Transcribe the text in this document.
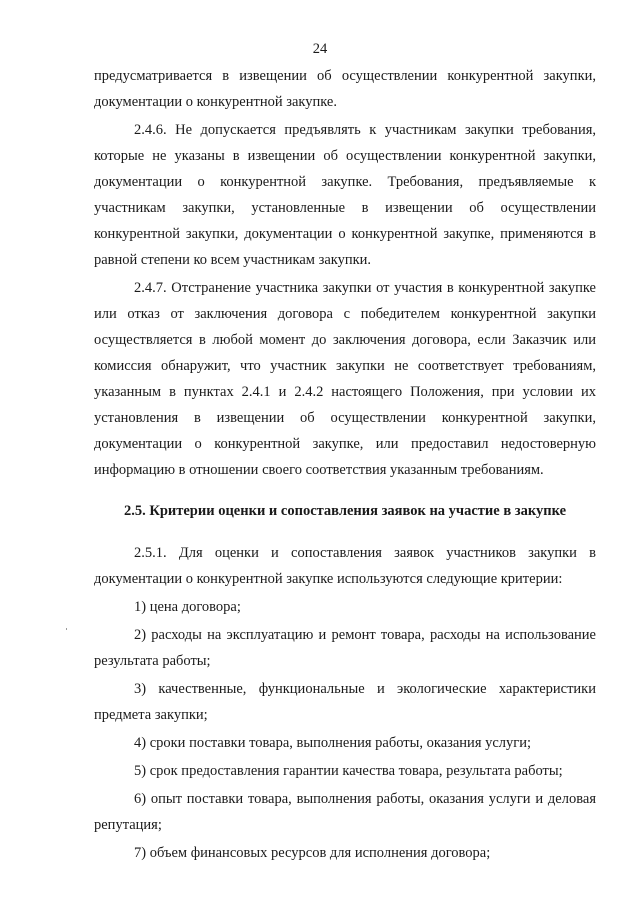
24

предусматривается в извещении об осуществлении конкурентной закупки, документации о конкурентной закупке.

2.4.6. Не допускается предъявлять к участникам закупки требования, которые не указаны в извещении об осуществлении конкурентной закупки, документации о конкурентной закупке. Требования, предъявляемые к участникам закупки, установленные в извещении об осуществлении конкурентной закупки, документации о конкурентной закупке, применяются в равной степени ко всем участникам закупки.

2.4.7. Отстранение участника закупки от участия в конкурентной закупке или отказ от заключения договора с победителем конкурентной закупки осуществляется в любой момент до заключения договора, если Заказчик или комиссия обнаружит, что участник закупки не соответствует требованиям, указанным в пунктах 2.4.1 и 2.4.2 настоящего Положения, при условии их установления в извещении об осуществлении конкурентной закупки, документации о конкурентной закупке, или предоставил недостоверную информацию в отношении своего соответствия указанным требованиям.

2.5. Критерии оценки и сопоставления заявок на участие в закупке

2.5.1. Для оценки и сопоставления заявок участников закупки в документации о конкурентной закупке используются следующие критерии:

1) цена договора;

2) расходы на эксплуатацию и ремонт товара, расходы на использование результата работы;

3) качественные, функциональные и экологические характеристики предмета закупки;

4) сроки поставки товара, выполнения работы, оказания услуги;

5) срок предоставления гарантии качества товара, результата работы;

6) опыт поставки товара, выполнения работы, оказания услуги и деловая репутация;

7) объем финансовых ресурсов для исполнения договора;
